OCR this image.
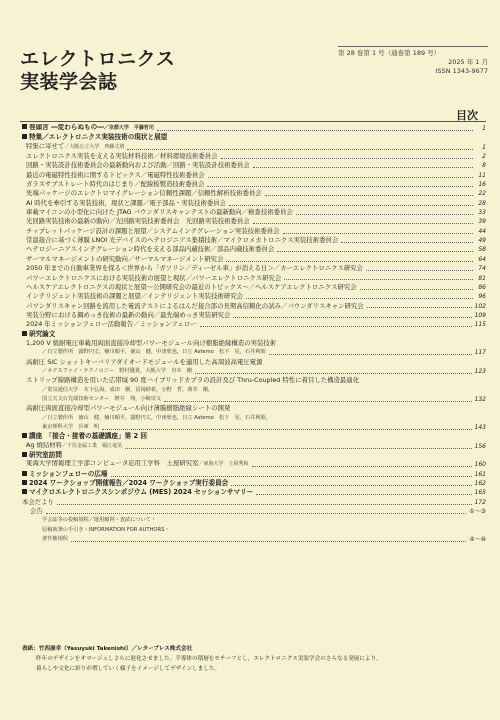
エレクトロニクス
実装学会誌
第 28 巻第 1 号（通巻第 189 号）
2025 年 1 月
ISSN 1343-9677
目次
巻頭言 ―変わらぬもの―／京都大学　平藤哲司	1
特集／エレクトロニクス実装技術の現状と展望
特集に寄せて／大阪公立大学　齊藤丈靖	1
エレクトロニクス実装を支える実装材料技術／材料環境技術委員会	2
回路・実装設計技術委員会の最新動向および活動／回路・実装設計技術委員会	8
最近の電磁特性技術に関するトピックス／電磁特性技術委員会	11
ガラスサブストレート時代のはじまり／配線板製造技術委員会	16
先端パッケージのエレクトロマイグレーション信頼性課題／信頼性解析技術委員会	22
AI 時代を牽引する実装技術，現状と課題／電子部品・実装技術委員会	28
車載マイコンの小型化に向けた JTAG バウンダリスキャンテストの最新動向／検査技術委員会	33
光回路実装技術の最新の動向／光回路実装技術委員会　光回路実装技術委員会	39
チップレットパッケージ設計の課題と展望／システムインテグレーション実装技術委員会	44
常温接合に基づく薄膜 LNOI 光デバイスのヘテロジニアス集積技術／マイクロメカトロニクス実装技術委員会	49
ヘテロジーニアスインテグレーション時代を支える部品内蔵技術／部品内蔵技術委員会	58
サーマルマネージメントの研究動向／サーマルマネージメント研究会	64
2050 年までの自動車業界を探る＜世界から「ガソリン／ディーゼル車」が消える日＞／カーエレクトロニクス研究会	74
パワーエレクトロニクスにおける実装技術の展望と現状／パワーエレクトロニクス研究会	81
ヘルスケアエレクトロニクスの現状と展望～公開研究会の最近のトピックス～／ヘルスケアエレクトロニクス研究会	86
インテリジェント実装技術の課題と展望／インテリジェント実装技術研究会	96
パワンダリスキャン回路を流用した電流テストによるはんだ接合部の長期高信頼化の試み／バウンダリスキャン研究会	102
実装分野における鋼めっき技術の最新の動向／最先端めっき実装研究会	109
2024 年ミッションフェロー活動報告／ミッションフェロー	115
研究論文
1,200 V 級耐電圧車載用両面直接冷却型パワーモジュール向け樹脂絶縁構造の実装技術
／日立製作所　露野円丈，楠川順平，徳山　健，中津欣也，日立 Astemo　松下　晃，石井利昭	117
高耐圧 SiC ショットキーバリアダイオードモジュールを適用した高周波高電圧電源
／ネクスファイ・テクノロジー　野村優貴，大阪大学　舟木　剛	123
ストリップ線路構造を用いた広帯域 90 度ハイブリッドカプラの設計及び Thru-Coupled 特性に着目した構造最適化
／電気通信大学　木下弘海，成田　剛，冨岡紗希，小野　哲，酒井　剛，
国立天文台先端技術センター　増井　翔，小嶋崇文	132
高耐圧両面直接冷却型パワーモジュール向け薄膜樹脂絶縁シートの開発
／日立製作所　徳山　健，楠川順平，露野円丈，中津欣也，日立 Astemo　松下　晃，石井利昭，
東京理科大学　兵庫　明	143
講座　「接合・接着の基礎講座」第 2 回
Ag 焼結材料／千住金属工業　堀江竜気	156
研究室訪問
東海大学情報理工学部コンピュータ応用工学科　土屋研究室／東海大学　土屋秀和	160
ミッションフェローの広場	161
2024 ワークショップ開催報告／2024 ワークショップ実行委員会	162
マイクロエレクトロニクスシンポジウム (MES) 2024 セッションサマリー	165
本会だより	172
会告	①～③
学会誌等の投稿規程／運用細則・査読について・
原稿執筆の手引き・INFORMATION FOR AUTHORS・
著作権規程	④～⑩
表紙：竹西康幸（Yasuyuki Takenishi）／レタープレス株式会社
昨年のデザインをオマージュしさらに進化させました。半導体の積層をモチーフとし，エレクトロニクス実装学会のさらなる発展により，
暮らしや文化に彩りが増していく様子をイメージしてデザインしました。
